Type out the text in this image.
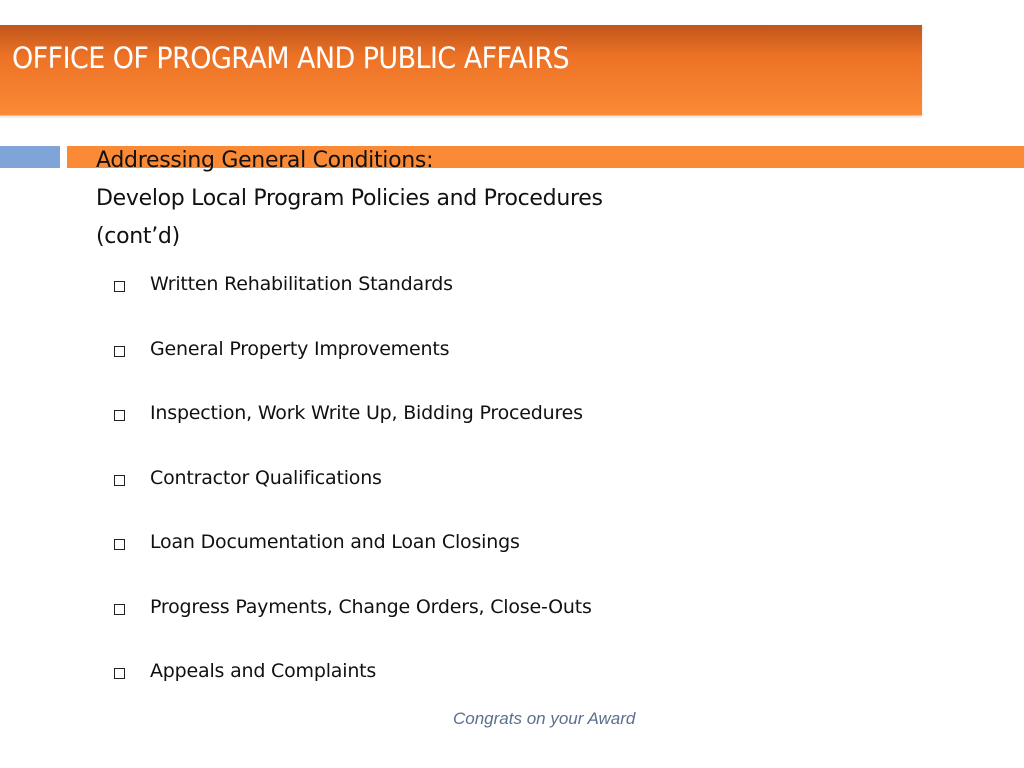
OFFICE OF PROGRAM AND PUBLIC AFFAIRS
Addressing General Conditions:
Develop Local Program Policies and Procedures
(cont’d)
Written Rehabilitation Standards
General Property Improvements
Inspection, Work Write Up, Bidding Procedures
Contractor Qualifications
Loan Documentation and Loan Closings
Progress Payments, Change Orders, Close-Outs
Appeals and Complaints
Congrats on your Award
